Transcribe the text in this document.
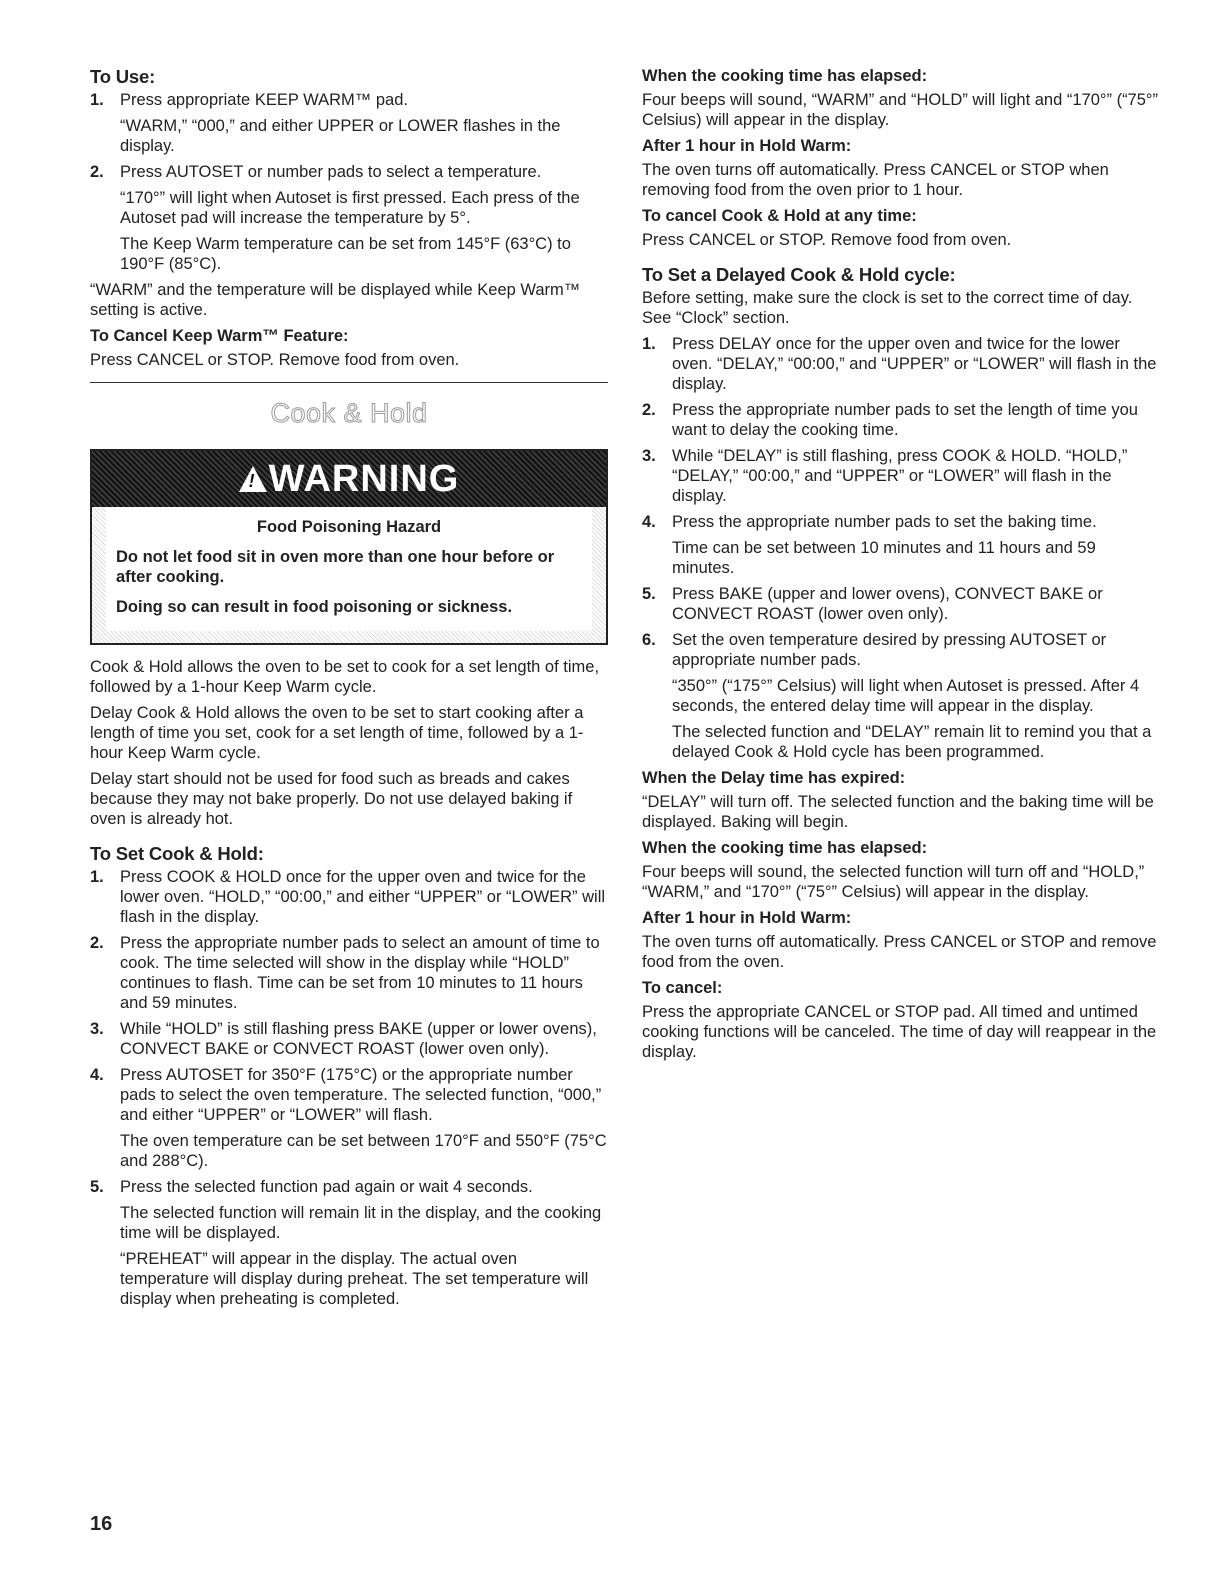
To Use:
1. Press appropriate KEEP WARM™ pad.

“WARM,” “000,” and either UPPER or LOWER flashes in the display.

2. Press AUTOSET or number pads to select a temperature.

“170°” will light when Autoset is first pressed. Each press of the Autoset pad will increase the temperature by 5°.

The Keep Warm temperature can be set from 145°F (63°C) to 190°F (85°C).

“WARM” and the temperature will be displayed while Keep Warm™ setting is active.

To Cancel Keep Warm™ Feature:

Press CANCEL or STOP. Remove food from oven.

Cook & Hold
!
WARNING
Food Poisoning Hazard

Do not let food sit in oven more than one hour before or after cooking.

Doing so can result in food poisoning or sickness.

Cook & Hold allows the oven to be set to cook for a set length of time, followed by a 1-hour Keep Warm cycle.

Delay Cook & Hold allows the oven to be set to start cooking after a length of time you set, cook for a set length of time, followed by a 1-hour Keep Warm cycle.

Delay start should not be used for food such as breads and cakes because they may not bake properly. Do not use delayed baking if oven is already hot.

To Set Cook & Hold:
1. Press COOK & HOLD once for the upper oven and twice for the lower oven. “HOLD,” “00:00,” and either “UPPER” or “LOWER” will flash in the display.

2. Press the appropriate number pads to select an amount of time to cook. The time selected will show in the display while “HOLD” continues to flash. Time can be set from 10 minutes to 11 hours and 59 minutes.

3. While “HOLD” is still flashing press BAKE (upper or lower ovens), CONVECT BAKE or CONVECT ROAST (lower oven only).

4. Press AUTOSET for 350°F (175°C) or the appropriate number pads to select the oven temperature. The selected function, “000,” and either “UPPER” or “LOWER” will flash.

The oven temperature can be set between 170°F and 550°F (75°C and 288°C).

5. Press the selected function pad again or wait 4 seconds.

The selected function will remain lit in the display, and the cooking time will be displayed.

“PREHEAT” will appear in the display. The actual oven temperature will display during preheat. The set temperature will display when preheating is completed.

When the cooking time has elapsed:

Four beeps will sound, “WARM” and “HOLD” will light and “170°” (“75°” Celsius) will appear in the display.

After 1 hour in Hold Warm:

The oven turns off automatically. Press CANCEL or STOP when removing food from the oven prior to 1 hour.

To cancel Cook & Hold at any time:

Press CANCEL or STOP. Remove food from oven.

To Set a Delayed Cook & Hold cycle:

Before setting, make sure the clock is set to the correct time of day. See “Clock” section.

1. Press DELAY once for the upper oven and twice for the lower oven. “DELAY,” “00:00,” and “UPPER” or “LOWER” will flash in the display.

2. Press the appropriate number pads to set the length of time you want to delay the cooking time.

3. While “DELAY” is still flashing, press COOK & HOLD. “HOLD,” “DELAY,” “00:00,” and “UPPER” or “LOWER” will flash in the display.

4. Press the appropriate number pads to set the baking time.

Time can be set between 10 minutes and 11 hours and 59 minutes.

5. Press BAKE (upper and lower ovens), CONVECT BAKE or CONVECT ROAST (lower oven only).

6. Set the oven temperature desired by pressing AUTOSET or appropriate number pads.

“350°” (“175°” Celsius) will light when Autoset is pressed. After 4 seconds, the entered delay time will appear in the display.

The selected function and “DELAY” remain lit to remind you that a delayed Cook & Hold cycle has been programmed.

When the Delay time has expired:

“DELAY” will turn off. The selected function and the baking time will be displayed. Baking will begin.

When the cooking time has elapsed:

Four beeps will sound, the selected function will turn off and “HOLD,” “WARM,” and “170°” (“75°” Celsius) will appear in the display.

After 1 hour in Hold Warm:

The oven turns off automatically. Press CANCEL or STOP and remove food from the oven.

To cancel:

Press the appropriate CANCEL or STOP pad. All timed and untimed cooking functions will be canceled. The time of day will reappear in the display.

16
